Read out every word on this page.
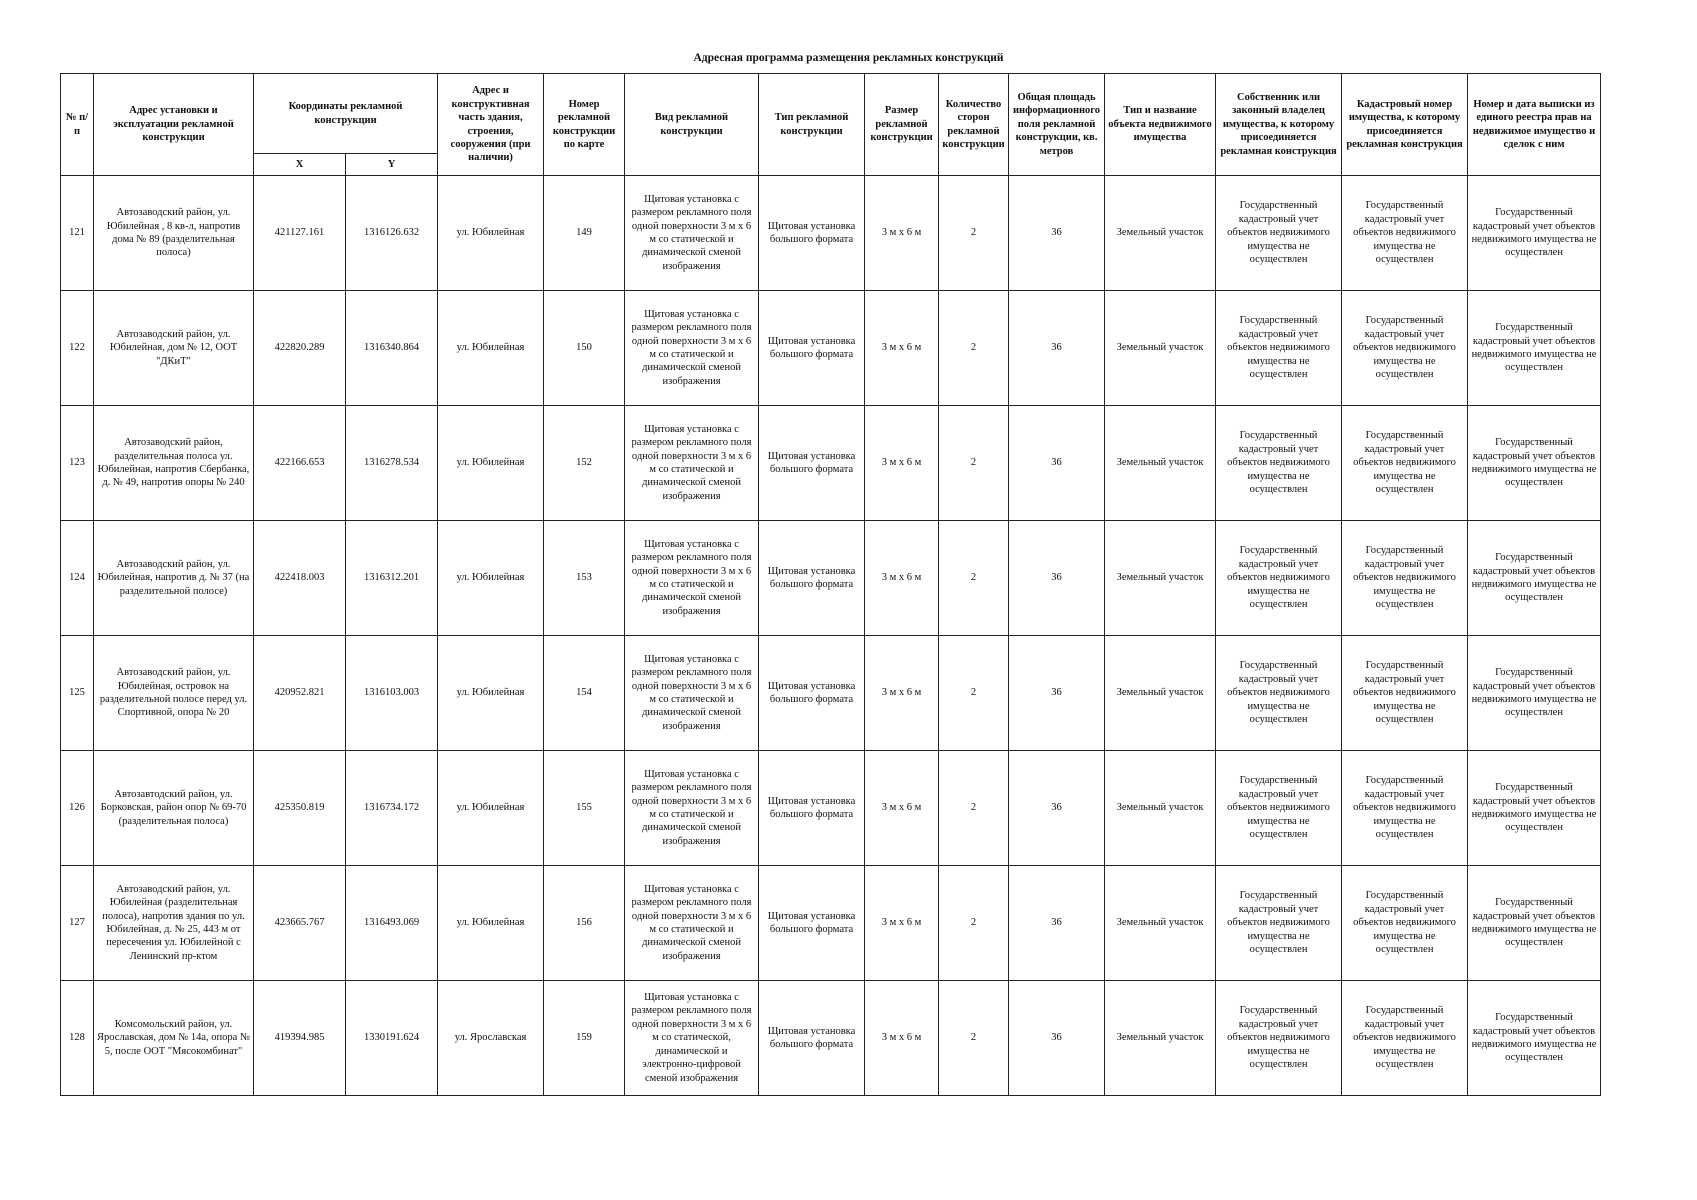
Адресная программа размещения рекламных конструкций
№ п/п	Адрес установки и эксплуатации рекламной конструкции	Координаты рекламной конструкции		Адрес и конструктивная часть здания, строения, сооружения (при наличии)	Номер рекламной конструкции по карте	Вид рекламной конструкции	Тип рекламной конструкции	Размер рекламной конструкции	Количество сторон рекламной конструкции	Общая площадь информационного поля рекламной конструкции, кв. метров	Тип и название объекта недвижимого имущества	Собственник или законный владелец имущества, к которому присоединяется рекламная конструкция	Кадастровый номер имущества, к которому присоединяется рекламная конструкция	Номер и дата выписки из единого реестра прав на недвижимое имущество и сделок с ним
		X	Y											
121	Автозаводский район, ул. Юбилейная , 8 кв-л, напротив дома № 89 (разделительная полоса)	421127.161	1316126.632	ул. Юбилейная	149	Щитовая установка с размером рекламного поля одной поверхности 3 м х 6 м со статической и динамической сменой изображения	Щитовая установка большого формата	3 м х 6 м	2	36	Земельный участок	Государственный кадастровый учет объектов недвижимого имущества не осуществлен	Государственный кадастровый учет объектов недвижимого имущества не осуществлен	Государственный кадастровый учет объектов недвижимого имущества не осуществлен
122	Автозаводский район, ул. Юбилейная, дом № 12, ООТ "ДКиТ"	422820.289	1316340.864	ул. Юбилейная	150	Щитовая установка с размером рекламного поля одной поверхности 3 м х 6 м со статической и динамической сменой изображения	Щитовая установка большого формата	3 м х 6 м	2	36	Земельный участок	Государственный кадастровый учет объектов недвижимого имущества не осуществлен	Государственный кадастровый учет объектов недвижимого имущества не осуществлен	Государственный кадастровый учет объектов недвижимого имущества не осуществлен
123	Автозаводский район, разделительная полоса ул. Юбилейная, напротив Сбербанка, д. № 49, напротив опоры № 240	422166.653	1316278.534	ул. Юбилейная	152	Щитовая установка с размером рекламного поля одной поверхности 3 м х 6 м со статической и динамической сменой изображения	Щитовая установка большого формата	3 м х 6 м	2	36	Земельный участок	Государственный кадастровый учет объектов недвижимого имущества не осуществлен	Государственный кадастровый учет объектов недвижимого имущества не осуществлен	Государственный кадастровый учет объектов недвижимого имущества не осуществлен
124	Автозаводский район, ул. Юбилейная, напротив д. № 37 (на разделительной полосе)	422418.003	1316312.201	ул. Юбилейная	153	Щитовая установка с размером рекламного поля одной поверхности 3 м х 6 м со статической и динамической сменой изображения	Щитовая установка большого формата	3 м х 6 м	2	36	Земельный участок	Государственный кадастровый учет объектов недвижимого имущества не осуществлен	Государственный кадастровый учет объектов недвижимого имущества не осуществлен	Государственный кадастровый учет объектов недвижимого имущества не осуществлен
125	Автозаводский район, ул. Юбилейная, островок на разделительной полосе перед ул. Спортивной, опора № 20	420952.821	1316103.003	ул. Юбилейная	154	Щитовая установка с размером рекламного поля одной поверхности 3 м х 6 м со статической и динамической сменой изображения	Щитовая установка большого формата	3 м х 6 м	2	36	Земельный участок	Государственный кадастровый учет объектов недвижимого имущества не осуществлен	Государственный кадастровый учет объектов недвижимого имущества не осуществлен	Государственный кадастровый учет объектов недвижимого имущества не осуществлен
126	Автозавтодский район, ул. Борковская, район опор № 69-70 (разделительная полоса)	425350.819	1316734.172	ул. Юбилейная	155	Щитовая установка с размером рекламного поля одной поверхности 3 м х 6 м со статической и динамической сменой изображения	Щитовая установка большого формата	3 м х 6 м	2	36	Земельный участок	Государственный кадастровый учет объектов недвижимого имущества не осуществлен	Государственный кадастровый учет объектов недвижимого имущества не осуществлен	Государственный кадастровый учет объектов недвижимого имущества не осуществлен
127	Автозаводский район, ул. Юбилейная (разделительная полоса), напротив здания по ул. Юбилейная, д. № 25, 443 м от пересечения ул. Юбилейной с Ленинский пр-ктом	423665.767	1316493.069	ул. Юбилейная	156	Щитовая установка с размером рекламного поля одной поверхности 3 м х 6 м со статической и динамической сменой изображения	Щитовая установка большого формата	3 м х 6 м	2	36	Земельный участок	Государственный кадастровый учет объектов недвижимого имущества не осуществлен	Государственный кадастровый учет объектов недвижимого имущества не осуществлен	Государственный кадастровый учет объектов недвижимого имущества не осуществлен
128	Комсомольский район, ул. Ярославская, дом № 14а, опора № 5, после ООТ "Мясокомбинат"	419394.985	1330191.624	ул. Ярославская	159	Щитовая установка с размером рекламного поля одной поверхности 3 м х 6 м со статической, динамической и электронно-цифровой сменой изображения	Щитовая установка большого формата	3 м х 6 м	2	36	Земельный участок	Государственный кадастровый учет объектов недвижимого имущества не осуществлен	Государственный кадастровый учет объектов недвижимого имущества не осуществлен	Государственный кадастровый учет объектов недвижимого имущества не осуществлен
